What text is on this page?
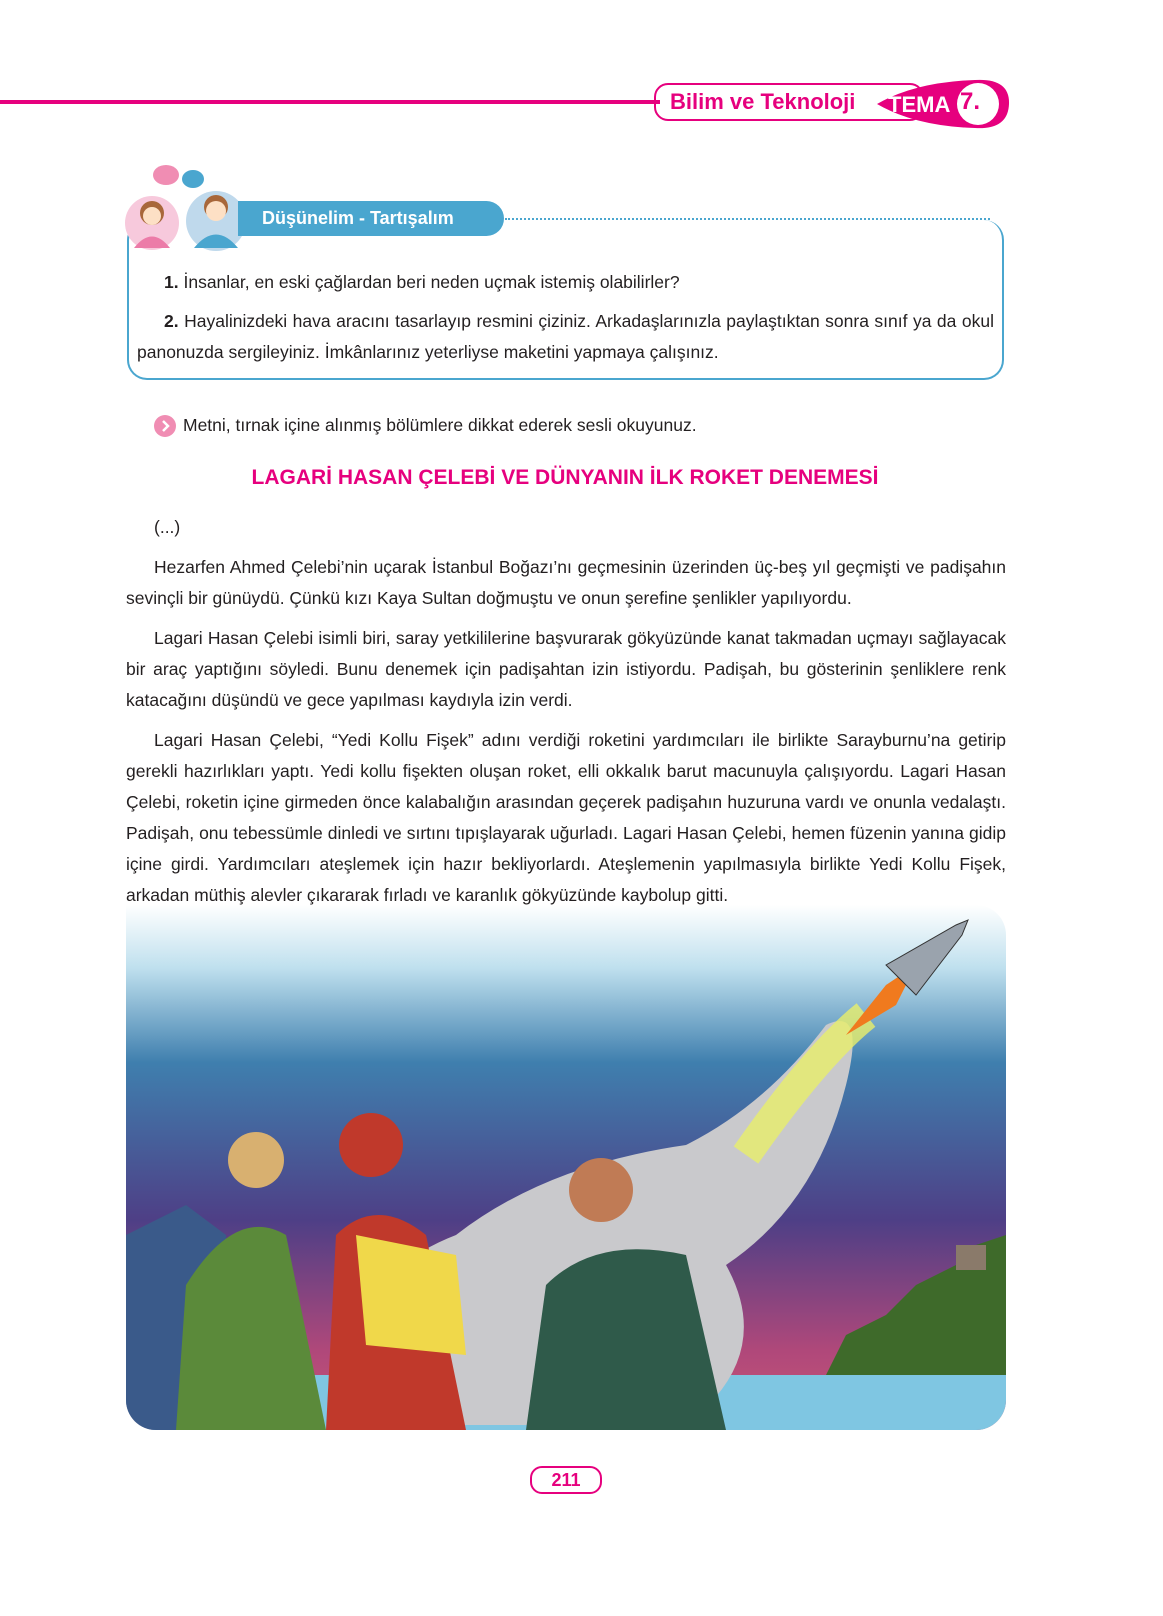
Bilim ve Teknoloji TEMA 7.
Düşünelim - Tartışalım
1. İnsanlar, en eski çağlardan beri neden uçmak istemiş olabilirler?
2. Hayalinizdeki hava aracını tasarlayıp resmini çiziniz. Arkadaşlarınızla paylaştıktan sonra sınıf ya da okul panonuzda sergileyiniz. İmkânlarınız yeterliyse maketini yapmaya çalışınız.
Metni, tırnak içine alınmış bölümlere dikkat ederek sesli okuyunuz.
LAGARİ HASAN ÇELEBİ VE DÜNYANIN İLK ROKET DENEMESİ

(...)

Hezarfen Ahmed Çelebi’nin uçarak İstanbul Boğazı’nı geçmesinin üzerinden üç-beş yıl geçmişti ve padişahın sevinçli bir günüydü. Çünkü kızı Kaya Sultan doğmuştu ve onun şerefine şenlikler yapılıyordu.

Lagari Hasan Çelebi isimli biri, saray yetkililerine başvurarak gökyüzünde kanat takmadan uçmayı sağlayacak bir araç yaptığını söyledi. Bunu denemek için padişahtan izin istiyordu. Padişah, bu gösterinin şenliklere renk katacağını düşündü ve gece yapılması kaydıyla izin verdi.

Lagari Hasan Çelebi, “Yedi Kollu Fişek” adını verdiği roketini yardımcıları ile birlikte Sarayburnu’na getirip gerekli hazırlıkları yaptı. Yedi kollu fişekten oluşan roket, elli okkalık barut macunuyla çalışıyordu. Lagari Hasan Çelebi, roketin içine girmeden önce kalabalığın arasından geçerek padişahın huzuruna vardı ve onunla vedalaştı. Padişah, onu tebessümle dinledi ve sırtını tıpışlayarak uğurladı. Lagari Hasan Çelebi, hemen füzenin yanına gidip içine girdi. Yardımcıları ateşlemek için hazır bekliyorlardı. Ateşlemenin yapılmasıyla birlikte Yedi Kollu Fişek, arkadan müthiş alevler çıkararak fırladı ve karanlık gökyüzünde kaybolup gitti.

211
